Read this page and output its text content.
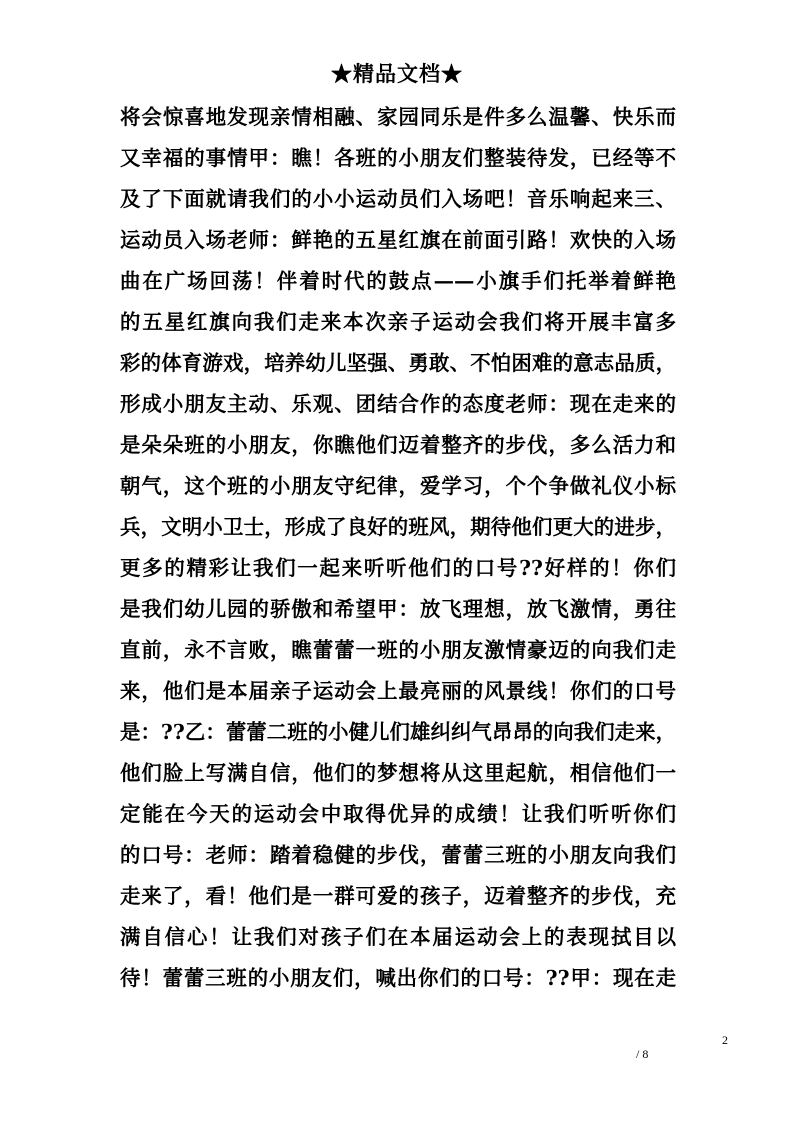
★精品文档★
将会惊喜地发现亲情相融、家园同乐是件多么温馨、快乐而
又幸福的事情甲：瞧！各班的小朋友们整装待发，已经等不
及了下面就请我们的小小运动员们入场吧！音乐响起来三、
运动员入场老师：鲜艳的五星红旗在前面引路！欢快的入场
曲在广场回荡！伴着时代的鼓点——小旗手们托举着鲜艳
的五星红旗向我们走来本次亲子运动会我们将开展丰富多
彩的体育游戏，培养幼儿坚强、勇敢、不怕困难的意志品质，
形成小朋友主动、乐观、团结合作的态度老师：现在走来的
是朵朵班的小朋友，你瞧他们迈着整齐的步伐，多么活力和
朝气，这个班的小朋友守纪律，爱学习，个个争做礼仪小标
兵，文明小卫士，形成了良好的班风，期待他们更大的进步，
更多的精彩让我们一起来听听他们的口号??好样的！你们
是我们幼儿园的骄傲和希望甲：放飞理想，放飞激情，勇往
直前，永不言败，瞧蕾蕾一班的小朋友激情豪迈的向我们走
来，他们是本届亲子运动会上最亮丽的风景线！你们的口号
是：??乙：蕾蕾二班的小健儿们雄纠纠气昂昂的向我们走来，
他们脸上写满自信，他们的梦想将从这里起航，相信他们一
定能在今天的运动会中取得优异的成绩！让我们听听你们
的口号：老师：踏着稳健的步伐，蕾蕾三班的小朋友向我们
走来了，看！他们是一群可爱的孩子，迈着整齐的步伐，充
满自信心！让我们对孩子们在本届运动会上的表现拭目以
待！蕾蕾三班的小朋友们，喊出你们的口号：??甲：现在走
2
/ 8
